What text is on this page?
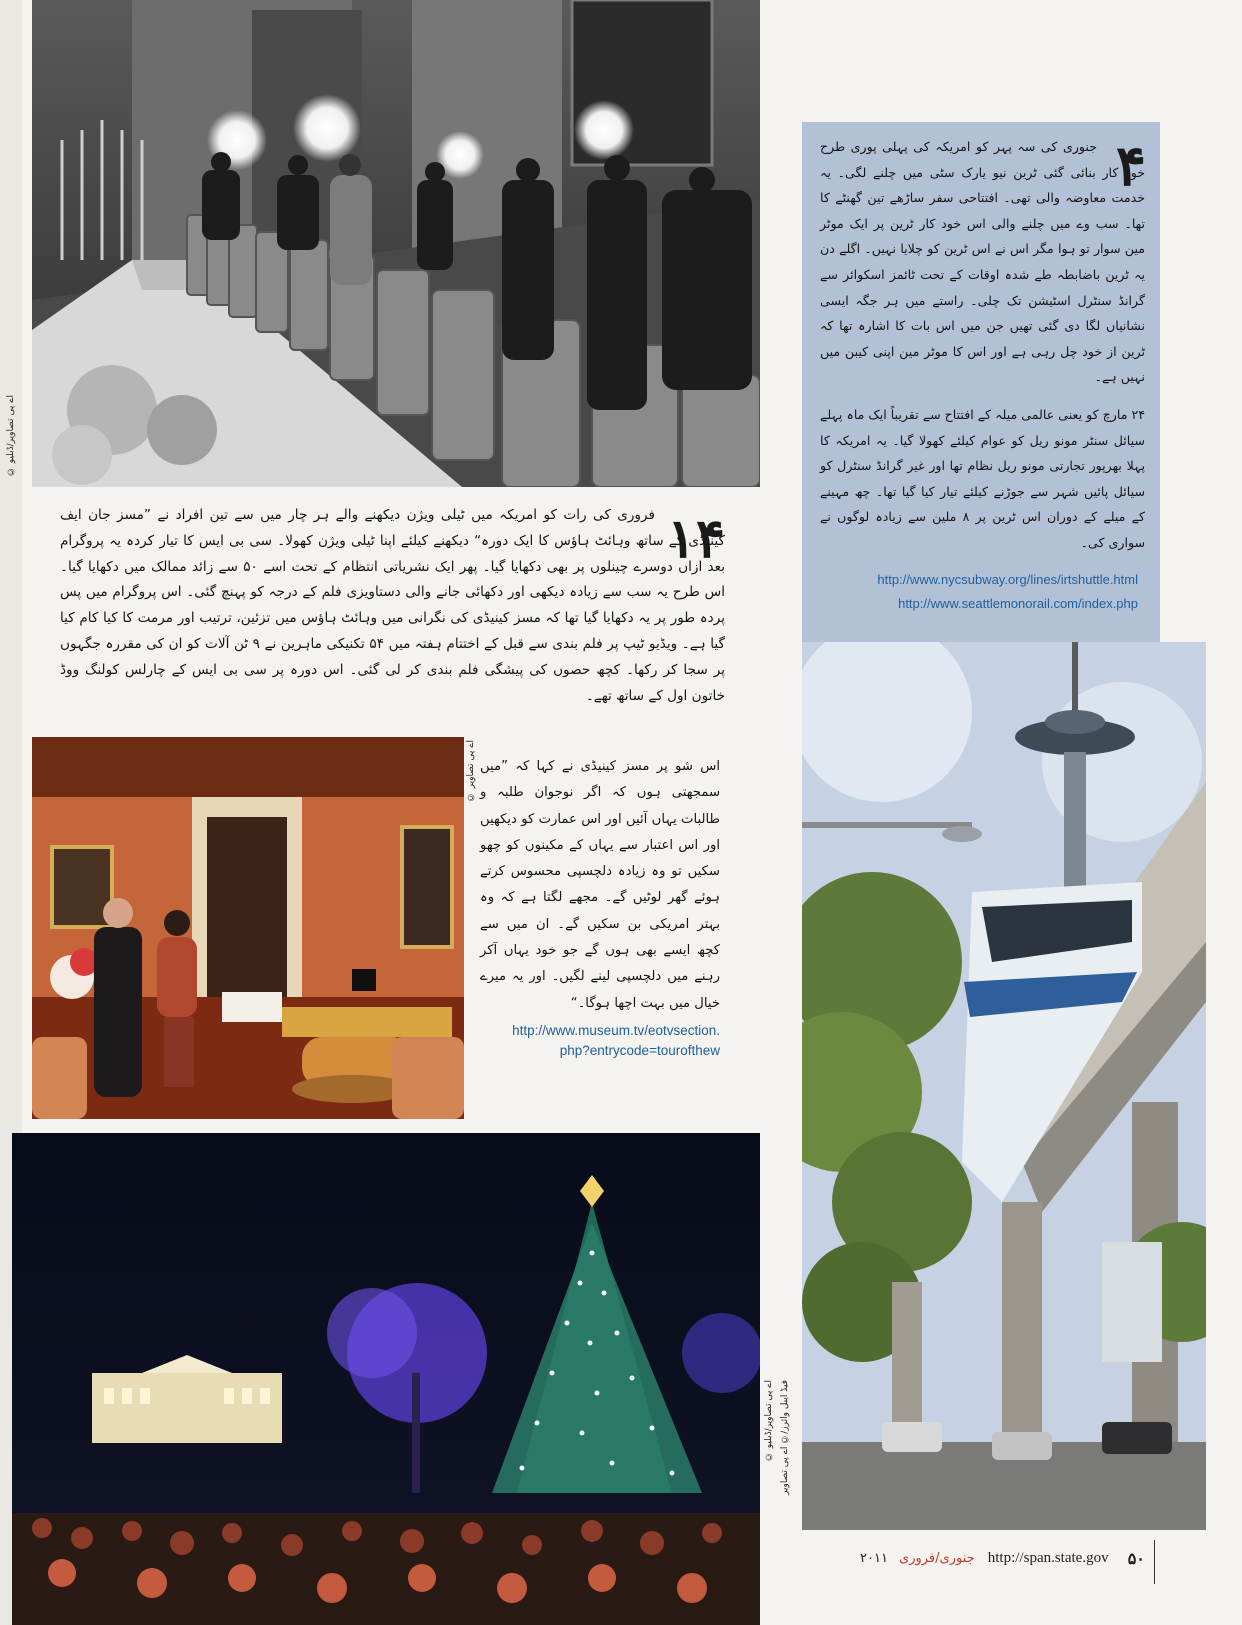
© اے پی تصاویر/ڈبلیو
۱۴
فروری کی رات کو امریکہ میں ٹیلی ویژن دیکھنے والے ہر چار میں سے تین افراد نے ”مسز جان ایف کینیڈی کے ساتھ وہائٹ ہاؤس کا ایک دورہ“ دیکھنے کیلئے اپنا ٹیلی ویژن کھولا۔ سی بی ایس کا تیار کردہ یہ پروگرام بعد ازاں دوسرے چینلوں پر بھی دکھایا گیا۔ پھر ایک نشریاتی انتظام کے تحت اسے ۵۰ سے زائد ممالک میں دکھایا گیا۔ اس طرح یہ سب سے زیادہ دیکھی اور دکھائی جانے والی دستاویزی فلم کے درجہ کو پہنچ گئی۔ اس پروگرام میں پس پردہ طور پر یہ دکھایا گیا تھا کہ مسز کینیڈی کی نگرانی میں وہائٹ ہاؤس میں تزئین، ترتیب اور مرمت کا کیا کام کیا گیا ہے۔ ویڈیو ٹیپ پر فلم بندی سے قبل کے اختتام ہفتہ میں ۵۴ تکنیکی ماہرین نے ۹ ٹن آلات کو ان کی مقررہ جگہوں پر سجا کر رکھا۔ کچھ حصوں کی پیشگی فلم بندی کر لی گئی۔ اس دورہ پر سی بی ایس کے چارلس کولنگ ووڈ خاتون اول کے ساتھ تھے۔
© اے پی تصاویر اس شو پر مسز کینیڈی نے کہا کہ ”میں سمجھتی ہوں کہ اگر نوجوان طلبہ و طالبات یہاں آئیں اور اس عمارت کو دیکھیں اور اس اعتبار سے یہاں کے مکینوں کو چھو سکیں تو وہ زیادہ دلچسپی محسوس کرتے ہوئے گھر لوٹیں گے۔ مجھے لگتا ہے کہ وہ بہتر امریکی بن سکیں گے۔ ان میں سے کچھ ایسے بھی ہوں گے جو خود یہاں آکر رہنے میں دلچسپی لینے لگیں۔ اور یہ میرے خیال میں بہت اچھا ہوگا۔“
http://www.museum.tv/eotvsection.
php?entrycode=tourofthew
© اے پی تصاویر/ڈبلیو
۴
جنوری کی سہ پہر کو امریکہ کی پہلی پوری طرح خود کار بنائی گئی ٹرین نیو یارک سٹی میں چلنے لگی۔ یہ خدمت معاوضہ والی تھی۔ افتتاحی سفر ساڑھے تین گھنٹے کا تھا۔ سب وے میں چلنے والی اس خود کار ٹرین پر ایک موٹر مین سوار تو ہوا مگر اس نے اس ٹرین کو چلایا نہیں۔ اگلے دن یہ ٹرین باضابطہ طے شدہ اوقات کے تحت ٹائمز اسکوائر سے گرانڈ سنٹرل اسٹیشن تک چلی۔ راستے میں ہر جگہ ایسی نشانیاں لگا دی گئی تھیں جن میں اس بات کا اشارہ تھا کہ ٹرین از خود چل رہی ہے اور اس کا موٹر مین اپنی کیبن میں نہیں ہے۔
۲۴ مارچ کو یعنی عالمی میلہ کے افتتاح سے تقریباً ایک ماہ پہلے سیائل سنٹر مونو ریل کو عوام کیلئے کھولا گیا۔ یہ امریکہ کا پہلا بھرپور تجارتی مونو ریل نظام تھا اور غیر گرانڈ سنٹرل کو سیائل پائیں شہر سے جوڑنے کیلئے تیار کیا گیا تھا۔ چھ مہینے کے میلے کے دوران اس ٹرین پر ۸ ملین سے زیادہ لوگوں نے سواری کی۔
http://www.nycsubway.org/lines/irtshuttle.html
http://www.seattlemonorail.com/index.php
فیڈ ایبل وائرز/© اے پی تصاویر
۲۰۱۱ جنوری/فروری http://span.state.gov ۵۰
